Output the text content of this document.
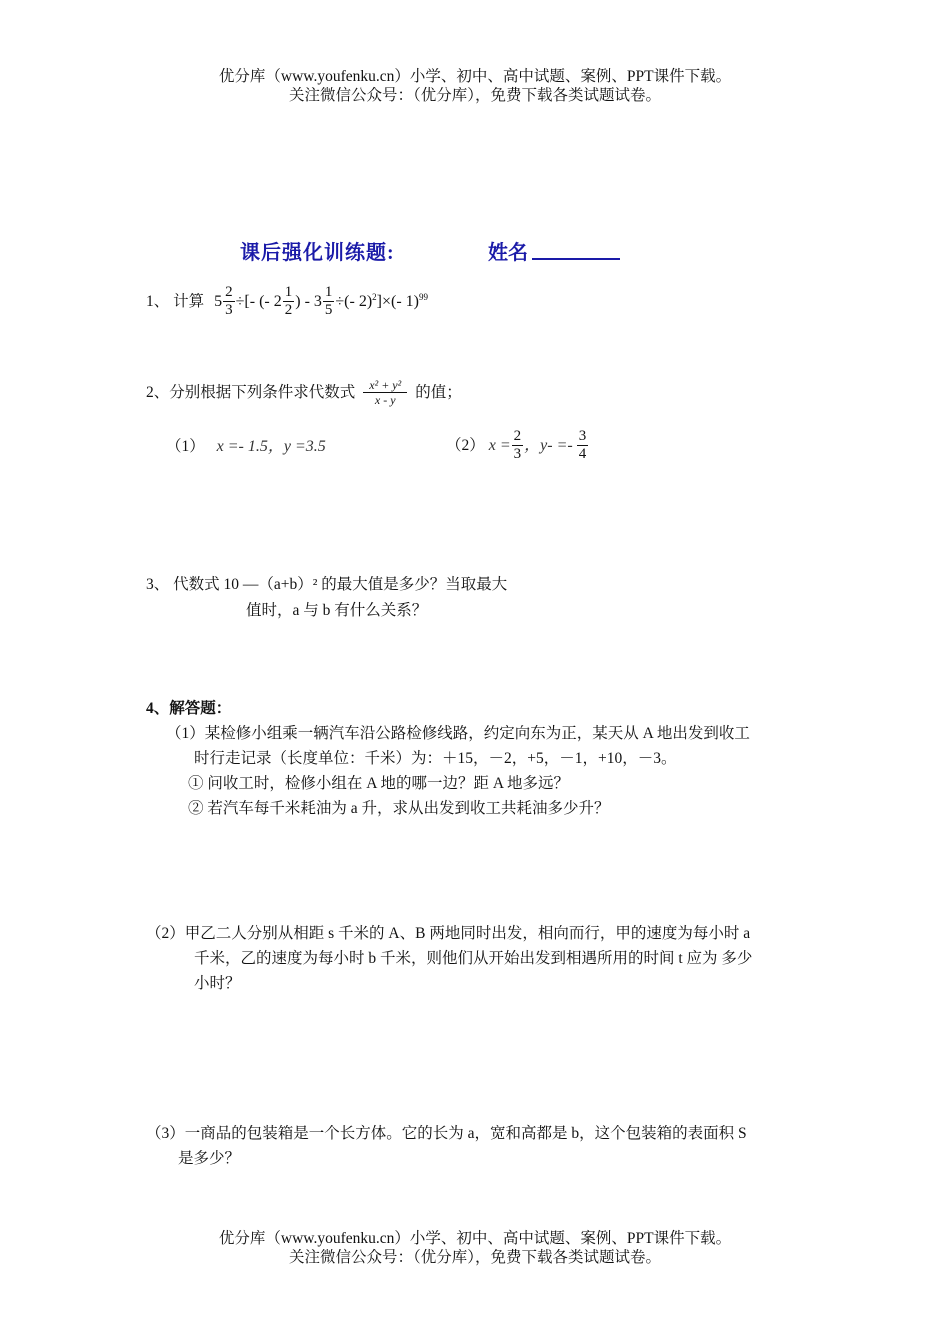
优分库（www.youfenku.cn）小学、初中、高中试题、案例、PPT课件下载。
关注微信公众号：（优分库），免费下载各类试题试卷。
课后强化训练题:	姓名
1、 计算 $5 \frac{2}{3}$ ÷[- (- $2 \frac{1}{2}$ ) - $3 \frac{1}{5}$ ÷(- 2)$^2$ ]×(- 1)$^{99}$
2、分别根据下列条件求代数式 $\frac{\text{x² + y²}}{x - y}$ 的值；
（1） x =- 1.5，y =3.5	（2） $x = \frac{2}{3}$ ，$y- =- \frac{3}{4}$
3、 代数式 10 —（a+b）² 的最大值是多少？当取最大
值时，a 与 b 有什么关系？
4、解答题：
（1）某检修小组乘一辆汽车沿公路检修线路，约定向东为正，某天从 A 地出发到收工
时行走记录（长度单位：千米）为：＋15，－2，+5，－1，+10，－3。
① 问收工时，检修小组在 A 地的哪一边？距 A 地多远？
② 若汽车每千米耗油为 a 升，求从出发到收工共耗油多少升？
（2）甲乙二人分别从相距 s 千米的 A、B 两地同时出发，相向而行，甲的速度为每小时 a
千米，乙的速度为每小时 b 千米，则他们从开始出发到相遇所用的时间 t 应为 多少
小时？
（3）一商品的包装箱是一个长方体。它的长为 a，宽和高都是 b，这个包装箱的表面积 S
是多少？
优分库（www.youfenku.cn）小学、初中、高中试题、案例、PPT课件下载。
关注微信公众号：（优分库），免费下载各类试题试卷。
